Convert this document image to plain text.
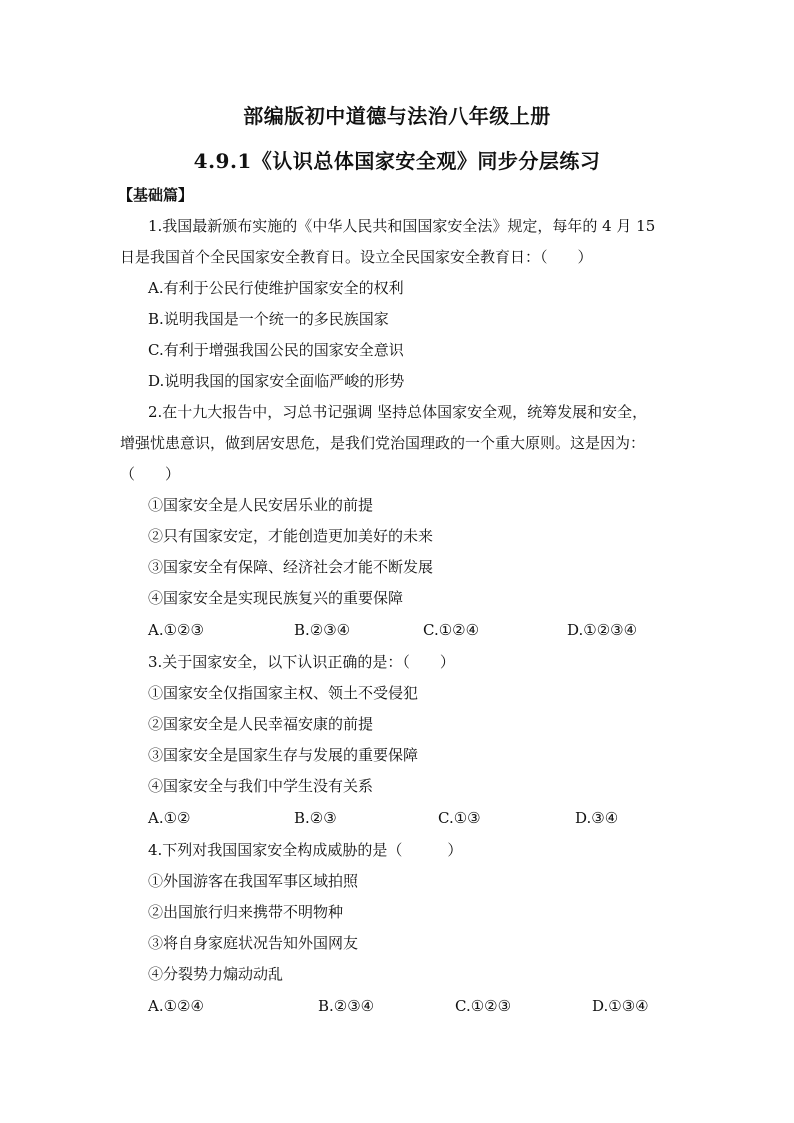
部编版初中道德与法治八年级上册
4.9.1《认识总体国家安全观》同步分层练习
【基础篇】
1.我国最新颁布实施的《中华人民共和国国家安全法》规定，每年的 4 月 15
日是我国首个全民国家安全教育日。设立全民国家安全教育日：（　　）
A.有利于公民行使维护国家安全的权利
B.说明我国是一个统一的多民族国家
C.有利于增强我国公民的国家安全意识
D.说明我国的国家安全面临严峻的形势
2.在十九大报告中，习总书记强调 坚持总体国家安全观，统筹发展和安全，
增强忧患意识，做到居安思危，是我们党治国理政的一个重大原则。这是因为：
（　　）
①国家安全是人民安居乐业的前提
②只有国家安定，才能创造更加美好的未来
③国家安全有保障、经济社会才能不断发展
④国家安全是实现民族复兴的重要保障
A.①②③	B.②③④	C.①②④	D.①②③④
3.关于国家安全，以下认识正确的是：（　　）
①国家安全仅指国家主权、领土不受侵犯
②国家安全是人民幸福安康的前提
③国家安全是国家生存与发展的重要保障
④国家安全与我们中学生没有关系
A.①②	B.②③	C.①③	D.③④
4.下列对我国国家安全构成威胁的是（　　　）
①外国游客在我国军事区域拍照
②出国旅行归来携带不明物种
③将自身家庭状况告知外国网友
④分裂势力煽动动乱
A.①②④	B.②③④	C.①②③	D.①③④
